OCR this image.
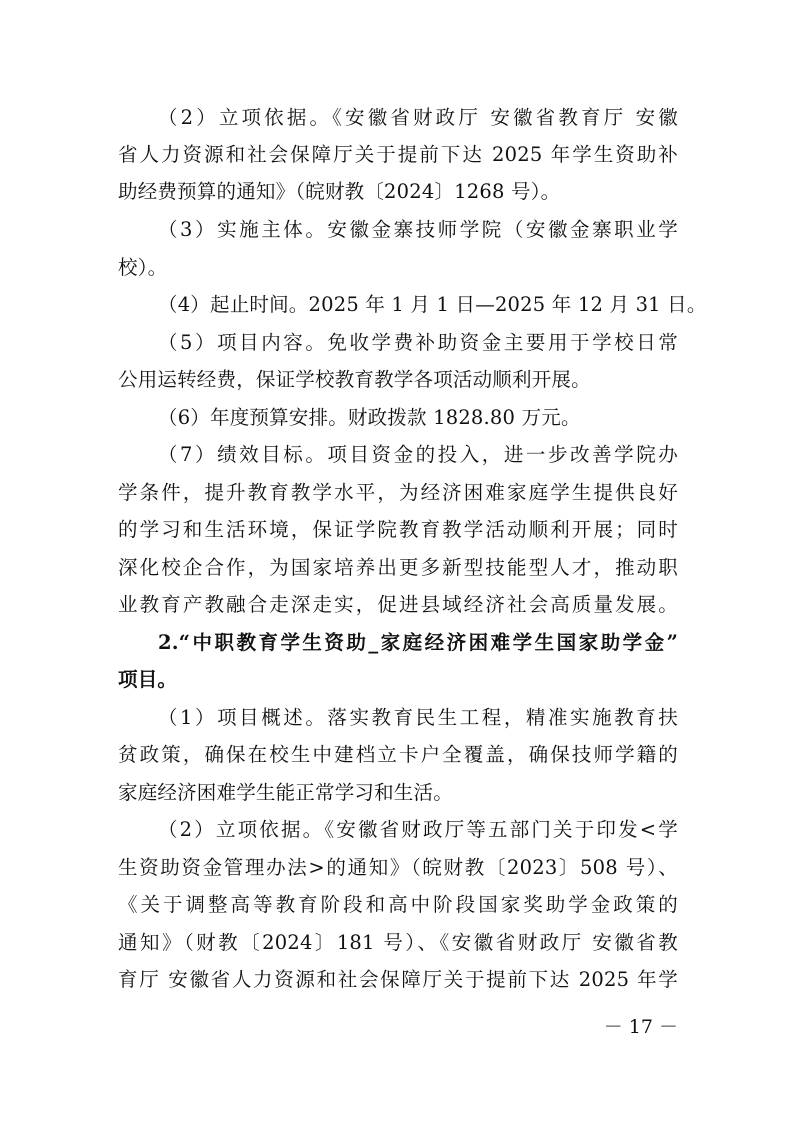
（2）立项依据。《安徽省财政厅 安徽省教育厅 安徽
省人力资源和社会保障厅关于提前下达 2025 年学生资助补
助经费预算的通知》（皖财教〔2024〕1268 号）。
（3）实施主体。安徽金寨技师学院（安徽金寨职业学
校）。
（4）起止时间。2025 年 1 月 1 日—2025 年 12 月 31 日。
（5）项目内容。免收学费补助资金主要用于学校日常
公用运转经费，保证学校教育教学各项活动顺利开展。
（6）年度预算安排。财政拨款 1828.80 万元。
（7）绩效目标。项目资金的投入，进一步改善学院办
学条件，提升教育教学水平，为经济困难家庭学生提供良好
的学习和生活环境，保证学院教育教学活动顺利开展；同时
深化校企合作，为国家培养出更多新型技能型人才，推动职
业教育产教融合走深走实，促进县域经济社会高质量发展。
2.“中职教育学生资助_家庭经济困难学生国家助学金”
项目。
（1）项目概述。落实教育民生工程，精准实施教育扶
贫政策，确保在校生中建档立卡户全覆盖，确保技师学籍的
家庭经济困难学生能正常学习和生活。
（2）立项依据。《安徽省财政厅等五部门关于印发<学
生资助资金管理办法>的通知》（皖财教〔2023〕508 号）、
《关于调整高等教育阶段和高中阶段国家奖助学金政策的
通知》（财教〔2024〕181 号）、《安徽省财政厅 安徽省教
育厅 安徽省人力资源和社会保障厅关于提前下达 2025 年学
－ 17 －
